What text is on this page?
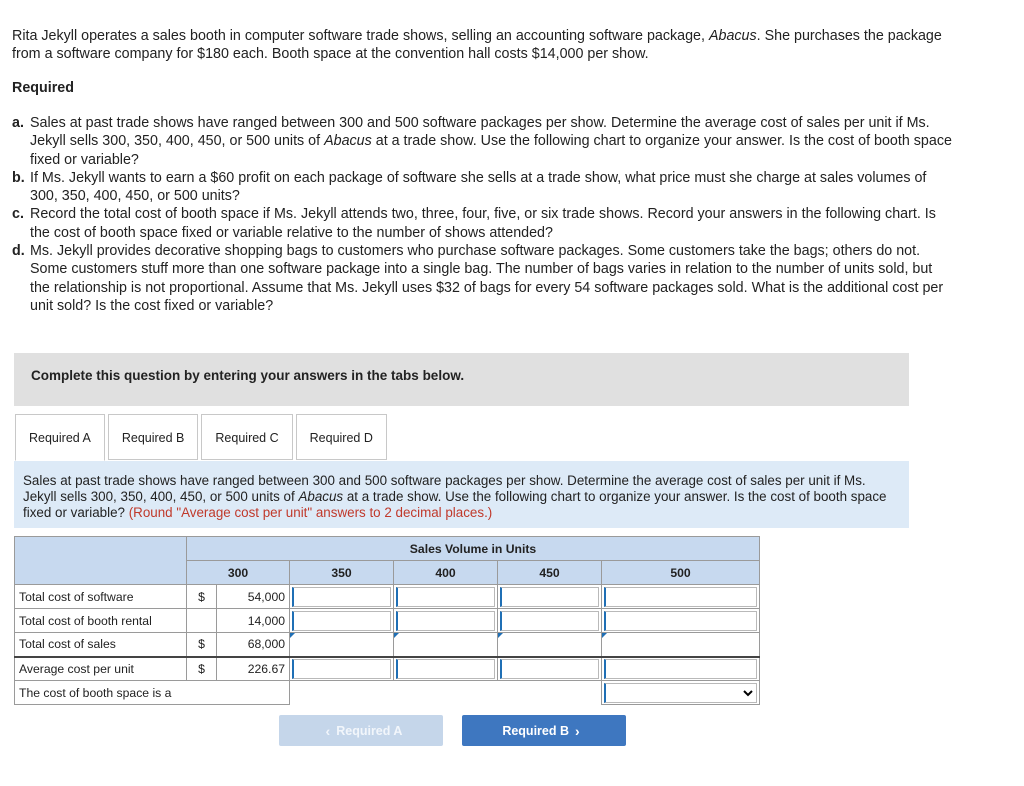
Rita Jekyll operates a sales booth in computer software trade shows, selling an accounting software package, Abacus. She purchases the package from a software company for $180 each. Booth space at the convention hall costs $14,000 per show.

Required

a. Sales at past trade shows have ranged between 300 and 500 software packages per show. Determine the average cost of sales per unit if Ms. Jekyll sells 300, 350, 400, 450, or 500 units of Abacus at a trade show. Use the following chart to organize your answer. Is the cost of booth space fixed or variable?
b. If Ms. Jekyll wants to earn a $60 profit on each package of software she sells at a trade show, what price must she charge at sales volumes of 300, 350, 400, 450, or 500 units?
c. Record the total cost of booth space if Ms. Jekyll attends two, three, four, five, or six trade shows. Record your answers in the following chart. Is the cost of booth space fixed or variable relative to the number of shows attended?
d. Ms. Jekyll provides decorative shopping bags to customers who purchase software packages. Some customers take the bags; others do not. Some customers stuff more than one software package into a single bag. The number of bags varies in relation to the number of units sold, but the relationship is not proportional. Assume that Ms. Jekyll uses $32 of bags for every 54 software packages sold. What is the additional cost per unit sold? Is the cost fixed or variable?
Complete this question by entering your answers in the tabs below.
Required A	Required B	Required C	Required D
Sales at past trade shows have ranged between 300 and 500 software packages per show. Determine the average cost of sales per unit if Ms. Jekyll sells 300, 350, 400, 450, or 500 units of Abacus at a trade show. Use the following chart to organize your answer. Is the cost of booth space fixed or variable? (Round "Average cost per unit" answers to 2 decimal places.)
	Sales Volume in Units					
	300		350	400	450	500
Total cost of software	$	54,000	

Total cost of booth rental		14,000	

Total cost of sales	$	68,000				
Average cost per unit	$	226.67	

The cost of booth space is a				
‹ Required A	Required B ›
